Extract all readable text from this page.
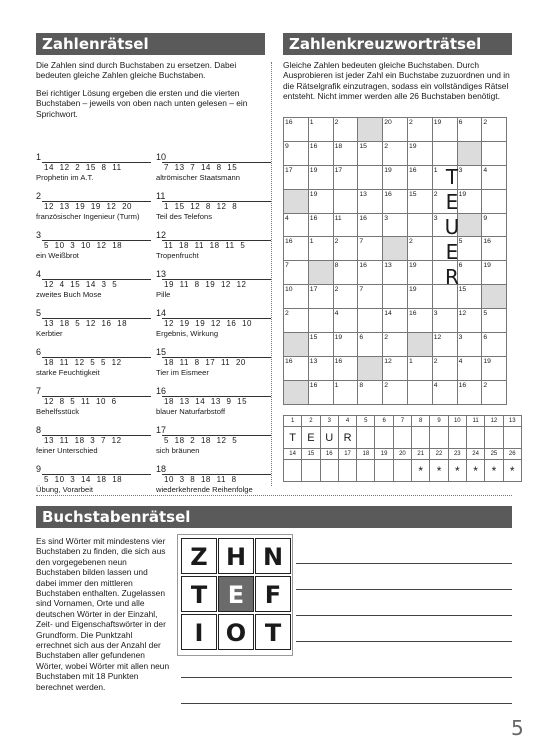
Zahlenrätsel	Zahlenkreuzworträtsel
Buchstabenrätsel

Die Zahlen sind durch Buchstaben zu ersetzen. Dabei bedeuten gleiche Zahlen gleiche Buchstaben.

Bei richtiger Lösung ergeben die ersten und die vierten Buchstaben – jeweils von oben nach unten gelesen – ein Sprichwort.

1
14 12 2 15 8 11
Prophetin im A.T.
2
12 13 19 19 12 20
französischer Ingenieur (Turm)
3
5 10 3 10 12 18
ein Weißbrot
4
12 4 15 14 3 5
zweites Buch Mose
5
13 18 5 12 16 18
Kerbtier
6
18 11 12 5 5 12
starke Feuchtigkeit
7
12 8 5 11 10 6
Behelfsstück
8
13 11 18 3 7 12
feiner Unterschied
9
5 10 3 14 18 18
Übung, Vorarbeit
10
7 13 7 14 8 15
altrömischer Staatsmann
11
1 15 12 8 12 8
Teil des Telefons
12
11 18 11 18 11 5
Tropenfrucht
13
19 11 8 19 12 12
Pille
14
12 19 19 12 16 10
Ergebnis, Wirkung
15
18 11 8 17 11 20
Tier im Eismeer
16
18 13 14 13 9 15
blauer Naturfarbstoff
17
5 18 2 18 12 5
sich bräunen
18
10 3 8 18 11 8
wiederkehrende Reihenfolge

Gleiche Zahlen bedeuten gleiche Buchstaben. Durch Ausprobieren ist jeder Zahl ein Buchstabe zuzuordnen und in die Rätselgrafik einzutragen, sodass ein vollständiges Rätsel entsteht. Nicht immer werden alle 26 Buchstaben benötigt.

16	1	2		20	2	19	6	2

9	16	18	15	2	19			

17	19	17		19	16	1	3	4

	19		13	16	15	2	19	

4	16	11	16	3		3		9

16	1	2	7		2		5	16

7		8	16	13	19		6	19

10	17	2	7		19		15	

2		4		14	16	3	12	5

	15	19	6	2		12	3	6

16	13	16		12	1	2	4	19

	16	1	8	2		4	16	2
T
E
U
E
R
1	2	3	4	5	6	7	8	9	10	11	12	13
T	E	U	R									
14	15	16	17	18	19	20	21	22	23	24	25	26
							*	*	*	*	*	*

Es sind Wörter mit mindestens vier Buchstaben zu finden, die sich aus den vorgegebenen neun Buchstaben bilden lassen und dabei immer den mittleren Buchstaben enthalten. Zugelassen sind Vornamen, Orte und alle deutschen Wörter in der Einzahl, Zeit- und Eigenschaftswörter in der Grundform. Die Punktzahl errechnet sich aus der Anzahl der Buchstaben aller gefundenen Wörter, wobei Wörter mit allen neun Buchstaben mit 18 Punkten berechnet werden.

5
Z H N
T E F
I O T
